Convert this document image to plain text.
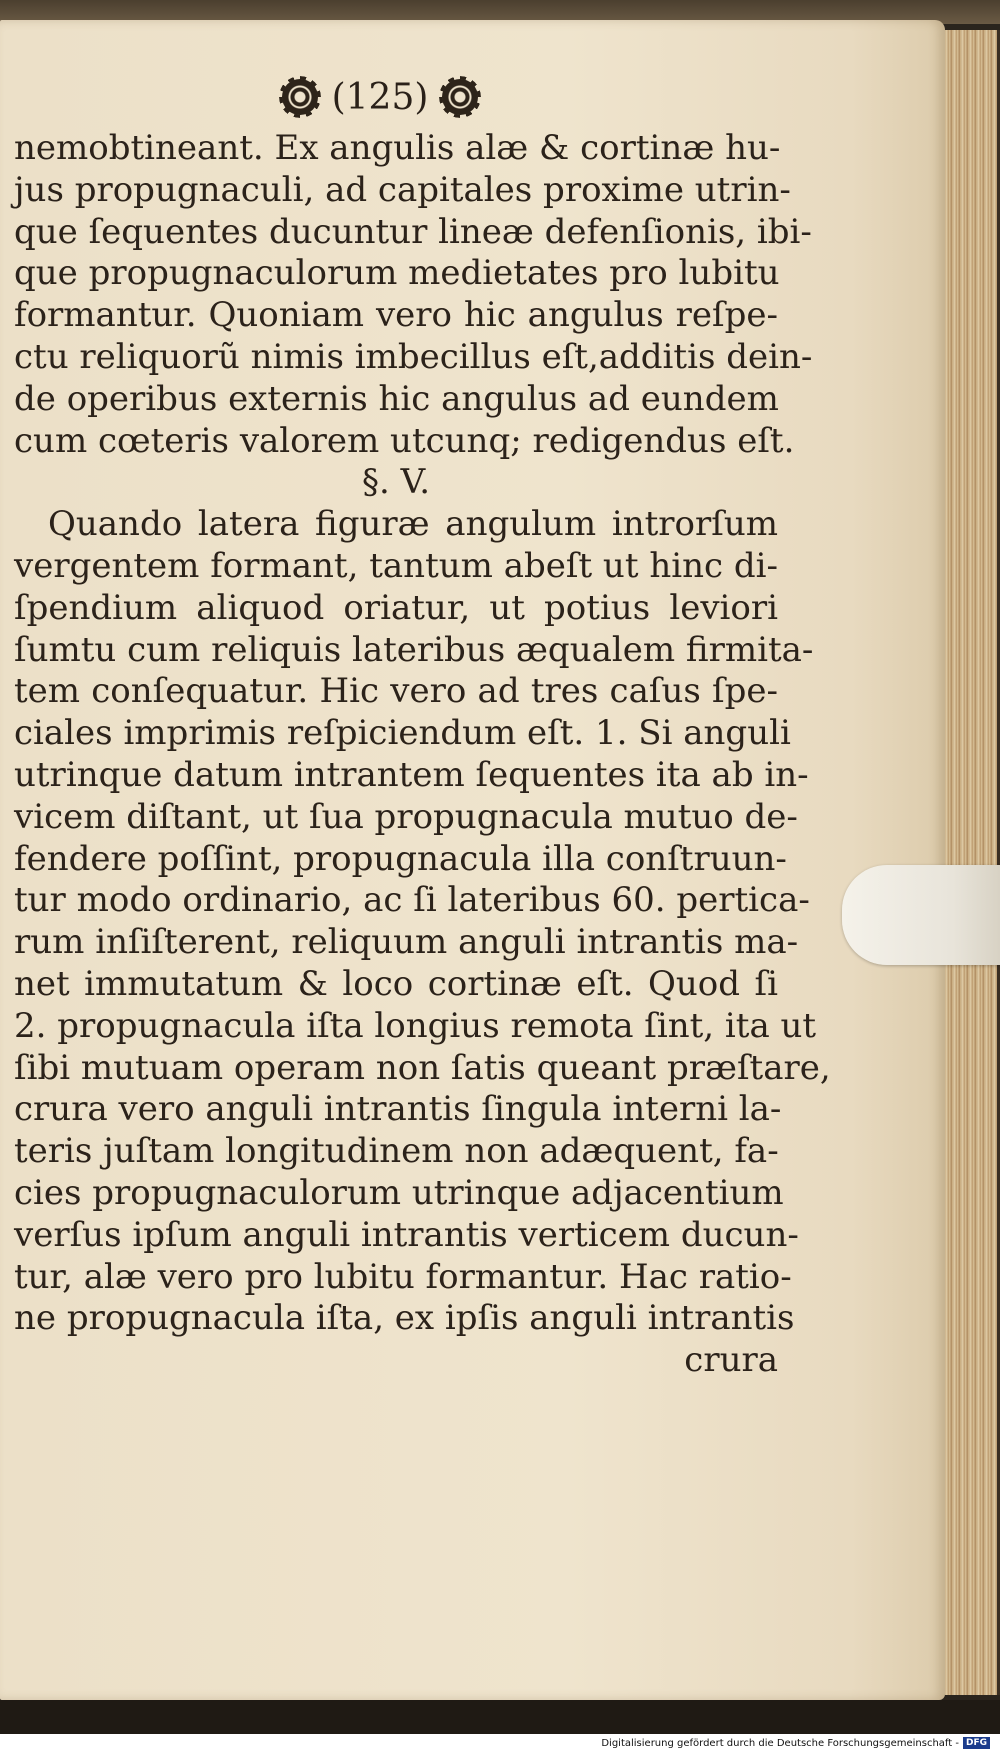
(125)
nemobtineant. Ex angulis alæ & cortinæ hu-
jus propugnaculi, ad capitales proxime utrin-
que ſequentes ducuntur lineæ defenſionis, ibi-
que propugnaculorum medietates pro lubitu
formantur. Quoniam vero hic angulus reſpe-
ctu reliquorũ nimis imbecillus eſt,additis dein-
de operibus externis hic angulus ad eundem
cum cœteris valorem utcunq; redigendus eſt.
§. V.
Quando latera figuræ angulum introrſum
vergentem formant, tantum abeſt ut hinc di-
ſpendium aliquod oriatur, ut potius leviori
ſumtu cum reliquis lateribus æqualem firmita-
tem conſequatur. Hic vero ad tres caſus ſpe-
ciales imprimis reſpiciendum eſt. 1. Si anguli
utrinque datum intrantem ſequentes ita ab in-
vicem diſtant, ut ſua propugnacula mutuo de-
fendere poſſint, propugnacula illa conſtruun-
tur modo ordinario, ac ſi lateribus 60. pertica-
rum inſiſterent, reliquum anguli intrantis ma-
net immutatum & loco cortinæ eſt. Quod ſi
2. propugnacula iſta longius remota ſint, ita ut
ſibi mutuam operam non ſatis queant præſtare,
crura vero anguli intrantis ſingula interni la-
teris juſtam longitudinem non adæquent, fa-
cies propugnaculorum utrinque adjacentium
verſus ipſum anguli intrantis verticem ducun-
tur, alæ vero pro lubitu formantur. Hac ratio-
ne propugnacula iſta, ex ipſis anguli intrantis
crura
Digitalisierung gefördert durch die Deutsche Forschungsgemeinschaft - DFG
